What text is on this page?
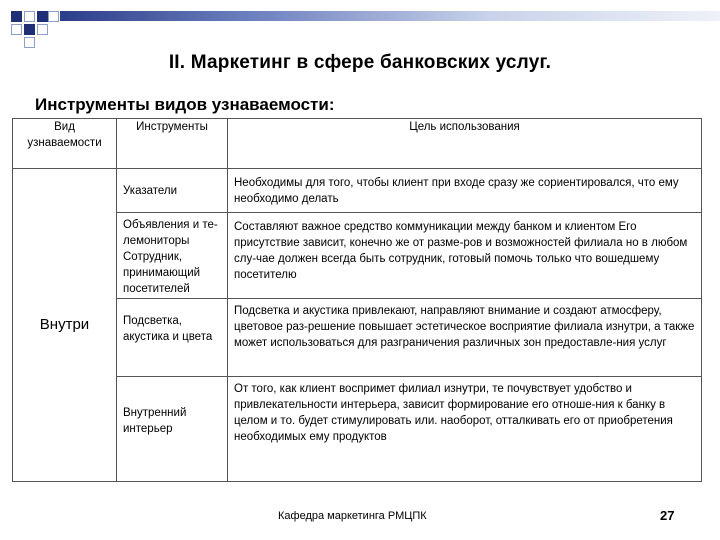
II. Маркетинг в сфере банковских услуг.
Инструменты видов узнаваемости:
Вид узнаваемости	Инструменты	Цель использования
Внутри	Указатели	Необходимы для того, чтобы клиент при входе сразу же сориентировался, что ему необходимо делать
	Объявления и те-лемониторы Сотрудник, принимающий посетителей	Составляют важное средство коммуникации между банком и клиентом Его присутствие зависит, конечно же от разме-ров и возможностей филиала но в любом слу-чае должен всегда быть сотрудник, готовый помочь только что вошедшему посетителю
	Подсветка, акустика и цвета	Подсветка и акустика привлекают, направляют внимание и создают атмосферу, цветовое раз-решение повышает эстетическое восприятие филиала изнутри, а также может использоваться для разграничения различных зон предоставле-ния услуг
	Внутренний интерьер	От того, как клиент воспримет филиал изнутри, те почувствует удобство и привлекательности интерьера, зависит формирование его отноше-ния к банку в целом и то. будет стимулировать или. наоборот, отталкивать его от приобретения необходимых ему продуктов
Кафедра маркетинга РМЦПК	27
